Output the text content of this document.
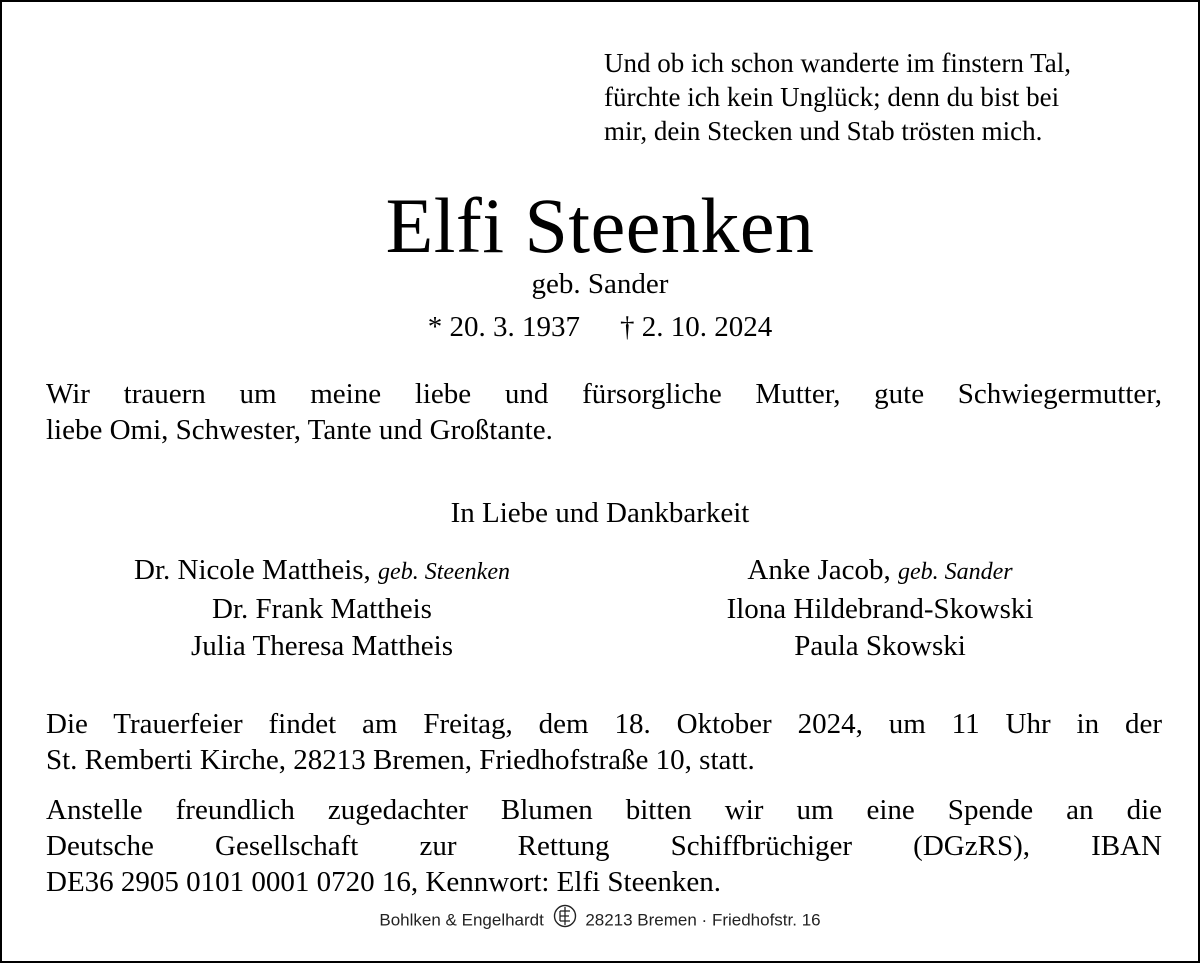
Und ob ich schon wanderte im finstern Tal,
fürchte ich kein Unglück; denn du bist bei
mir, dein Stecken und Stab trösten mich.
Elfi Steenken
geb. Sander
* 20. 3. 1937 † 2. 10. 2024
Wir trauern um meine liebe und fürsorgliche Mutter, gute Schwiegermutter,
liebe Omi, Schwester, Tante und Großtante.
In Liebe und Dankbarkeit
Dr. Nicole Mattheis, geb. Steenken
Dr. Frank Mattheis
Julia Theresa Mattheis
Anke Jacob, geb. Sander
Ilona Hildebrand-Skowski
Paula Skowski
Die Trauerfeier findet am Freitag, dem 18. Oktober 2024, um 11 Uhr in der
St. Remberti Kirche, 28213 Bremen, Friedhofstraße 10, statt.
Anstelle freundlich zugedachter Blumen bitten wir um eine Spende an die
Deutsche Gesellschaft zur Rettung Schiffbrüchiger (DGzRS), IBAN
DE36 2905 0101 0001 0720 16, Kennwort: Elfi Steenken.
Bohlken & Engelhardt 28213 Bremen · Friedhofstr. 16
